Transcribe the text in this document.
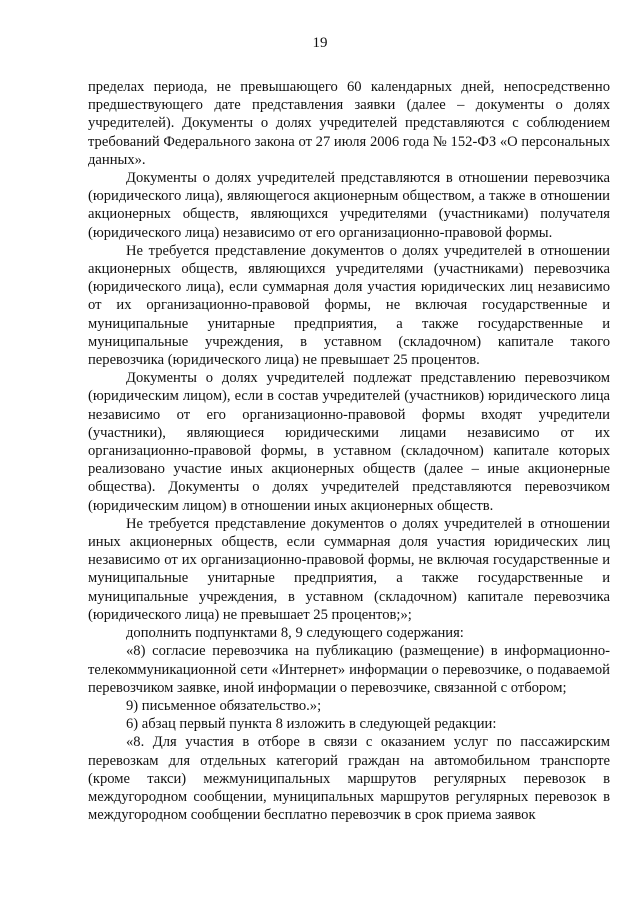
19

пределах периода, не превышающего 60 календарных дней, непосредственно предшествующего дате представления заявки (далее – документы о долях учредителей). Документы о долях учредителей представляются с соблюдением требований Федерального закона от 27 июля 2006 года № 152-ФЗ «О персональных данных».

Документы о долях учредителей представляются в отношении перевозчика (юридического лица), являющегося акционерным обществом, а также в отношении акционерных обществ, являющихся учредителями (участниками) получателя (юридического лица) независимо от его организационно-правовой формы.

Не требуется представление документов о долях учредителей в отношении акционерных обществ, являющихся учредителями (участниками) перевозчика (юридического лица), если суммарная доля участия юридических лиц независимо от их организационно-правовой формы, не включая государственные и муниципальные унитарные предприятия, а также государственные и муниципальные учреждения, в уставном (складочном) капитале такого перевозчика (юридического лица) не превышает 25 процентов.

Документы о долях учредителей подлежат представлению перевозчиком (юридическим лицом), если в состав учредителей (участников) юридического лица независимо от его организационно-правовой формы входят учредители (участники), являющиеся юридическими лицами независимо от их организационно-правовой формы, в уставном (складочном) капитале которых реализовано участие иных акционерных обществ (далее – иные акционерные общества). Документы о долях учредителей представляются перевозчиком (юридическим лицом) в отношении иных акционерных обществ.

Не требуется представление документов о долях учредителей в отношении иных акционерных обществ, если суммарная доля участия юридических лиц независимо от их организационно-правовой формы, не включая государственные и муниципальные унитарные предприятия, а также государственные и муниципальные учреждения, в уставном (складочном) капитале перевозчика (юридического лица) не превышает 25 процентов;»;

дополнить подпунктами 8, 9 следующего содержания:

«8) согласие перевозчика на публикацию (размещение) в информационно-телекоммуникационной сети «Интернет» информации о перевозчике, о подаваемой перевозчиком заявке, иной информации о перевозчике, связанной с отбором;

9) письменное обязательство.»;

6) абзац первый пункта 8 изложить в следующей редакции:

«8. Для участия в отборе в связи с оказанием услуг по пассажирским перевозкам для отдельных категорий граждан на автомобильном транспорте (кроме такси) межмуниципальных маршрутов регулярных перевозок в междугородном сообщении, муниципальных маршрутов регулярных перевозок в междугородном сообщении бесплатно перевозчик в срок приема заявок
